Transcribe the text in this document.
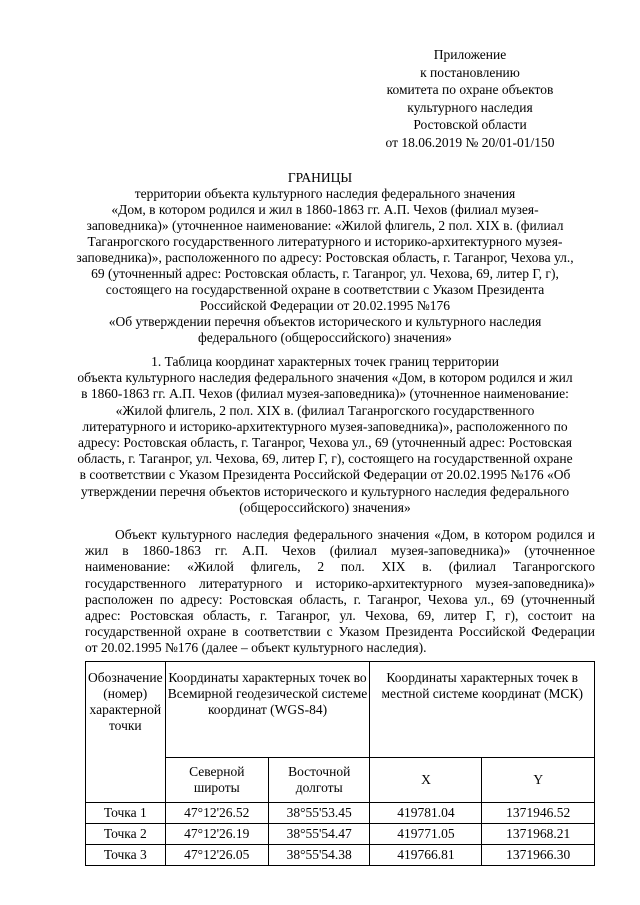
Приложение
к постановлению
комитета по охране объектов
культурного наследия
Ростовской области
от 18.06.2019 № 20/01-01/150
ГРАНИЦЫ
территории объекта культурного наследия федерального значения
«Дом, в котором родился и жил в 1860-1863 гг. А.П. Чехов (филиал музея-
заповедника)» (уточненное наименование: «Жилой флигель, 2 пол. XIX в. (филиал
Таганрогского государственного литературного и историко-архитектурного музея-
заповедника)», расположенного по адресу: Ростовская область, г. Таганрог, Чехова ул.,
69 (уточненный адрес: Ростовская область, г. Таганрог, ул. Чехова, 69, литер Г, г),
состоящего на государственной охране в соответствии с Указом Президента
Российской Федерации от 20.02.1995 №176
«Об утверждении перечня объектов исторического и культурного наследия
федерального (общероссийского) значения»
1. Таблица координат характерных точек границ территории
объекта культурного наследия федерального значения «Дом, в котором родился и жил
в 1860-1863 гг. А.П. Чехов (филиал музея-заповедника)» (уточненное наименование:
«Жилой флигель, 2 пол. XIX в. (филиал Таганрогского государственного
литературного и историко-архитектурного музея-заповедника)», расположенного по
адресу: Ростовская область, г. Таганрог, Чехова ул., 69 (уточненный адрес: Ростовская
область, г. Таганрог, ул. Чехова, 69, литер Г, г), состоящего на государственной охране
в соответствии с Указом Президента Российской Федерации от 20.02.1995 №176 «Об
утверждении перечня объектов исторического и культурного наследия федерального
(общероссийского) значения»
Объект культурного наследия федерального значения «Дом, в котором родился и
жил в 1860-1863 гг. А.П. Чехов (филиал музея-заповедника)» (уточненное
наименование: «Жилой флигель, 2 пол. XIX в. (филиал Таганрогского
государственного литературного и историко-архитектурного музея-заповедника)»
расположен по адресу: Ростовская область, г. Таганрог, Чехова ул., 69 (уточненный
адрес: Ростовская область, г. Таганрог, ул. Чехова, 69, литер Г, г), состоит на
государственной охране в соответствии с Указом Президента Российской Федерации
от 20.02.1995 №176 (далее – объект культурного наследия).
Обозначение (номер) характерной точки	Координаты характерных точек во Всемирной геодезической системе координат (WGS-84)		Координаты характерных точек в местной системе координат (МСК)	
	Северной широты	Восточной долготы	X	Y
Точка 1	47°12'26.52	38°55'53.45	419781.04	1371946.52
Точка 2	47°12'26.19	38°55'54.47	419771.05	1371968.21
Точка 3	47°12'26.05	38°55'54.38	419766.81	1371966.30
